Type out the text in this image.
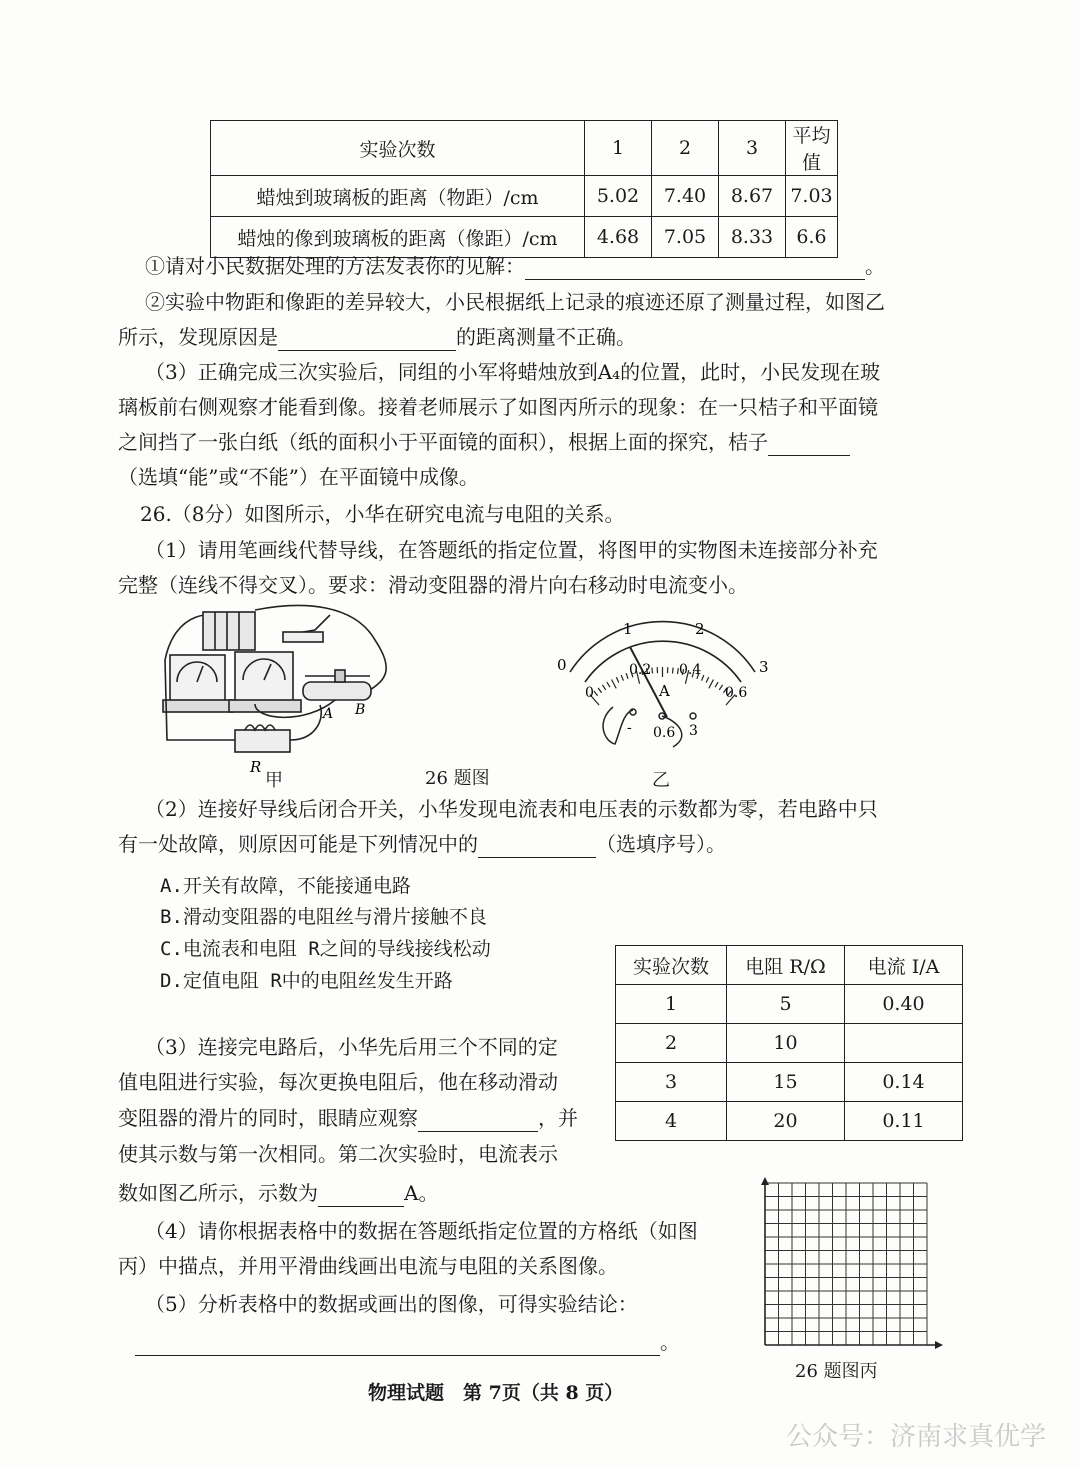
实验次数	1	2	3	平均值
蜡烛到玻璃板的距离（物距）/cm	5.02	7.40	8.67	7.03
蜡烛的像到玻璃板的距离（像距）/cm	4.68	7.05	8.33	6.6
①请对小民数据处理的方法发表你的见解：	。
②实验中物距和像距的差异较大，小民根据纸上记录的痕迹还原了测量过程，如图乙
所示，发现原因是	的距离测量不正确。
（3）正确完成三次实验后，同组的小军将蜡烛放到A₄的位置，此时，小民发现在玻
璃板前右侧观察才能看到像。接着老师展示了如图丙所示的现象：在一只桔子和平面镜
之间挡了一张白纸（纸的面积小于平面镜的面积），根据上面的探究，桔子
（选填“能”或“不能”）在平面镜中成像。
26.（8分）如图所示，小华在研究电流与电阻的关系。
（1）请用笔画线代替导线，在答题纸的指定位置，将图甲的实物图未连接部分补充
完整（连线不得交叉）。要求：滑动变阻器的滑片向右移动时电流变小。
A B
R
甲	26 题图
0
1	2
3
0
0.2 0.4
0.6
A
- 0.6 3
乙
（2）连接好导线后闭合开关，小华发现电流表和电压表的示数都为零，若电路中只
有一处故障，则原因可能是下列情况中的	（选填序号）。
A.开关有故障，不能接通电路
B.滑动变阻器的电阻丝与滑片接触不良
C.电流表和电阻 R之间的导线接线松动
D.定值电阻 R中的电阻丝发生开路
实验次数	电阻 R/Ω	电流 I/A
1	5	0.40
2	10	
3	15	0.14
4	20	0.11
（3）连接完电路后，小华先后用三个不同的定
值电阻进行实验，每次更换电阻后，他在移动滑动
变阻器的滑片的同时，眼睛应观察	，并
使其示数与第一次相同。第二次实验时，电流表示
数如图乙所示，示数为	A。
26 题图丙
（4）请你根据表格中的数据在答题纸指定位置的方格纸（如图
丙）中描点，并用平滑曲线画出电流与电阻的关系图像。
（5）分析表格中的数据或画出的图像，可得实验结论：
。
物理试题　第 7页（共 8 页）
公众号：济南求真优学
